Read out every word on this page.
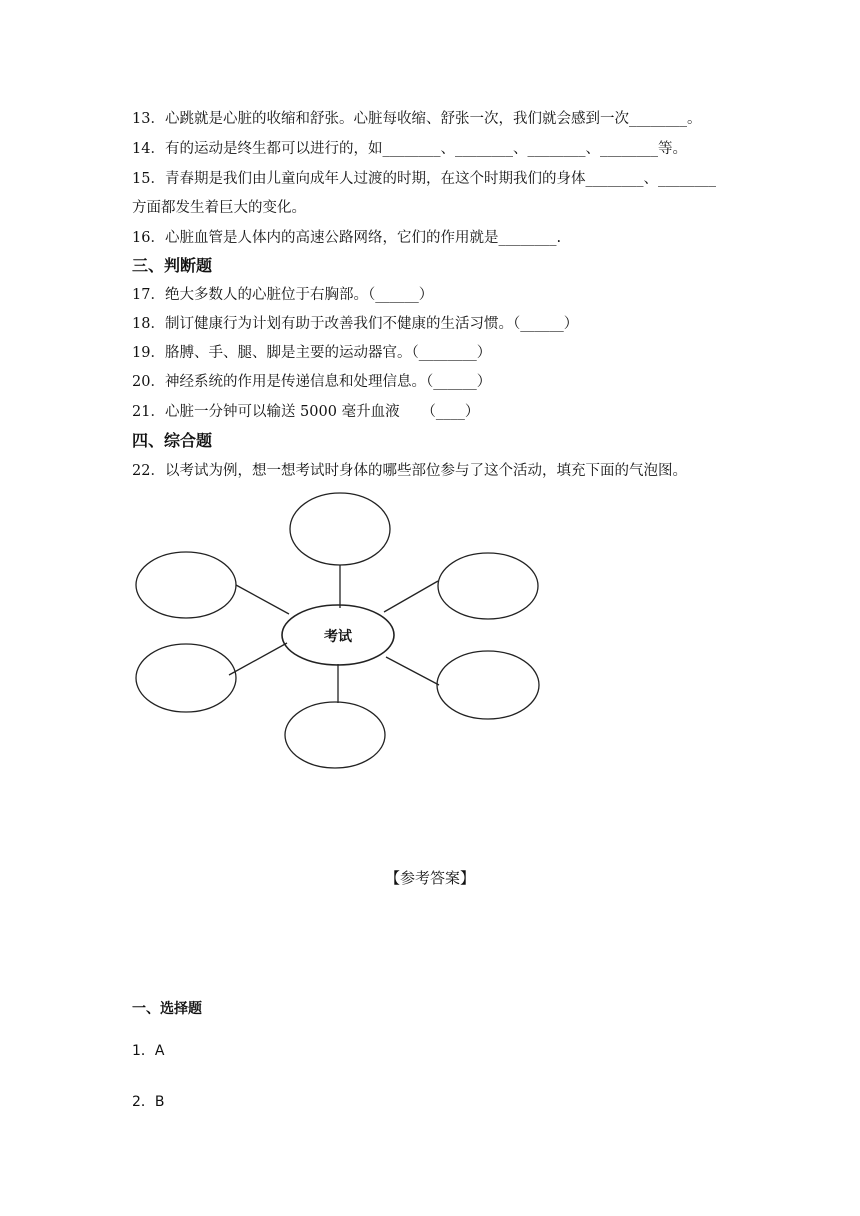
13．心跳就是心脏的收缩和舒张。心脏每收缩、舒张一次，我们就会感到一次________。
14．有的运动是终生都可以进行的，如________、________、________、________等。
15．青春期是我们由儿童向成年人过渡的时期，在这个时期我们的身体________、________
方面都发生着巨大的变化。
16．心脏血管是人体内的高速公路网络，它们的作用就是________.
三、判断题
17．绝大多数人的心脏位于右胸部。（______）
18．制订健康行为计划有助于改善我们不健康的生活习惯。（______）
19．胳膊、手、腿、脚是主要的运动器官。（________）
20．神经系统的作用是传递信息和处理信息。（______）
21．心脏一分钟可以输送 5000 毫升血液　　（____）
四、综合题
22．以考试为例，想一想考试时身体的哪些部位参与了这个活动，填充下面的气泡图。
考试
【参考答案】
一、选择题
1．A
2．B
